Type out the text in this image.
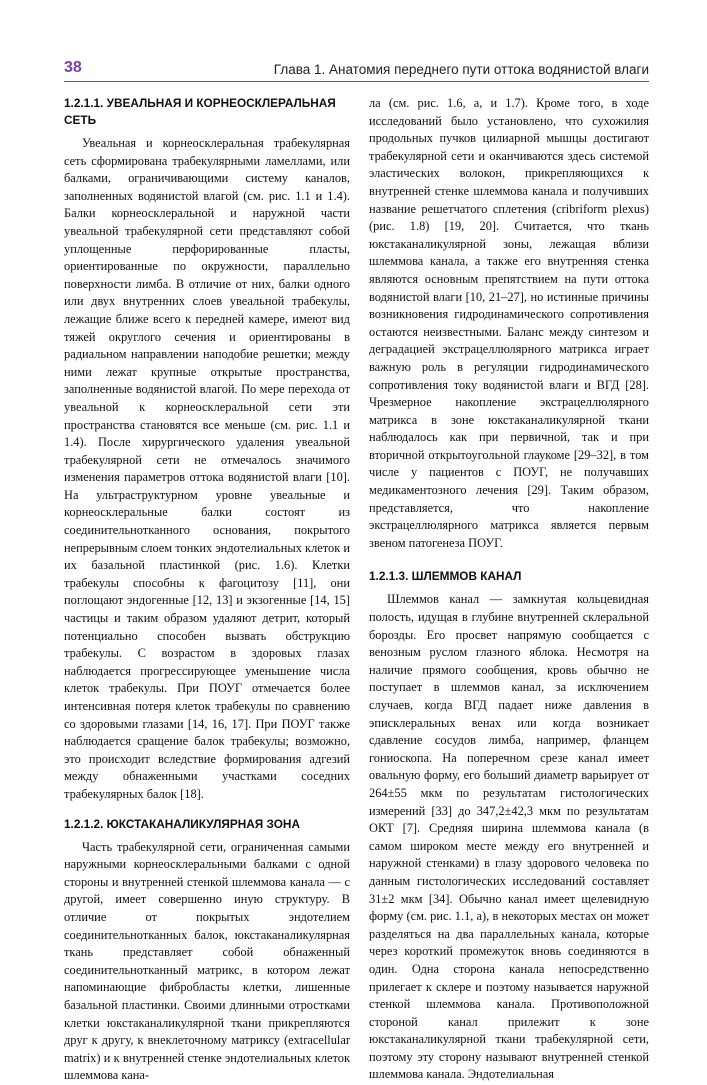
38	Глава 1. Анатомия переднего пути оттока водянистой влаги
1.2.1.1. УВЕАЛЬНАЯ И КОРНЕОСКЛЕРАЛЬНАЯ СЕТЬ

Увеальная и корнеосклеральная трабекулярная сеть сформирована трабекулярными ламеллами, или балками, ограничивающими систему каналов, заполненных водянистой влагой (см. рис. 1.1 и 1.4). Балки корнеосклеральной и наружной части увеальной трабекулярной сети представляют собой уплощенные перфорированные пласты, ориентированные по окружности, параллельно поверхности лимба. В отличие от них, балки одного или двух внутренних слоев увеальной трабекулы, лежащие ближе всего к передней камере, имеют вид тяжей округлого сечения и ориентированы в радиальном направлении наподобие решетки; между ними лежат крупные открытые пространства, заполненные водянистой влагой. По мере перехода от увеальной к корнеосклеральной сети эти пространства становятся все меньше (см. рис. 1.1 и 1.4). После хирургического удаления увеальной трабекулярной сети не отмечалось значимого изменения параметров оттока водянистой влаги [10]. На ультраструктурном уровне увеальные и корнеосклеральные балки состоят из соединительнотканного основания, покрытого непрерывным слоем тонких эндотелиальных клеток и их базальной пластинкой (рис. 1.6). Клетки трабекулы способны к фагоцитозу [11], они поглощают эндогенные [12, 13] и экзогенные [14, 15] частицы и таким образом удаляют детрит, который потенциально способен вызвать обструкцию трабекулы. С возрастом в здоровых глазах наблюдается прогрессирующее уменьшение числа клеток трабекулы. При ПОУГ отмечается более интенсивная потеря клеток трабекулы по сравнению со здоровыми глазами [14, 16, 17]. При ПОУГ также наблюдается сращение балок трабекулы; возможно, это происходит вследствие формирования адгезий между обнаженными участками соседних трабекулярных балок [18].

1.2.1.2. ЮКСТАКАНАЛИКУЛЯРНАЯ ЗОНА

Часть трабекулярной сети, ограниченная самыми наружными корнеосклеральными балками с одной стороны и внутренней стенкой шлеммова канала — с другой, имеет совершенно иную структуру. В отличие от покрытых эндотелием соединительнотканных балок, юкстаканаликулярная ткань представляет собой обнаженный соединительнотканный матрикс, в котором лежат напоминающие фибробласты клетки, лишенные базальной пластинки. Своими длинными отростками клетки юкстаканаликулярной ткани прикрепляются друг к другу, к внеклеточному матриксу (extracellular matrix) и к внутренней стенке эндотелиальных клеток шлеммова кана-

ла (см. рис. 1.6, а, и 1.7). Кроме того, в ходе исследований было установлено, что сухожилия продольных пучков цилиарной мышцы достигают трабекулярной сети и оканчиваются здесь системой эластических волокон, прикрепляющихся к внутренней стенке шлеммова канала и получивших название решетчатого сплетения (cribriform plexus) (рис. 1.8) [19, 20]. Считается, что ткань юкстаканаликулярной зоны, лежащая вблизи шлеммова канала, а также его внутренняя стенка являются основным препятствием на пути оттока водянистой влаги [10, 21–27], но истинные причины возникновения гидродинамического сопротивления остаются неизвестными. Баланс между синтезом и деградацией экстрацеллюлярного матрикса играет важную роль в регуляции гидродинамического сопротивления току водянистой влаги и ВГД [28]. Чрезмерное накопление экстрацеллюлярного матрикса в зоне юкстаканаликулярной ткани наблюдалось как при первичной, так и при вторичной открытоугольной глаукоме [29–32], в том числе у пациентов с ПОУГ, не получавших медикаментозного лечения [29]. Таким образом, представляется, что накопление экстрацеллюлярного матрикса является первым звеном патогенеза ПОУГ.

1.2.1.3. ШЛЕММОВ КАНАЛ

Шлеммов канал — замкнутая кольцевидная полость, идущая в глубине внутренней склеральной борозды. Его просвет напрямую сообщается с венозным руслом глазного яблока. Несмотря на наличие прямого сообщения, кровь обычно не поступает в шлеммов канал, за исключением случаев, когда ВГД падает ниже давления в эписклеральных венах или когда возникает сдавление сосудов лимба, например, фланцем гониоскопа. На поперечном срезе канал имеет овальную форму, его больший диаметр варьирует от 264±55 мкм по результатам гистологических измерений [33] до 347,2±42,3 мкм по результатам ОКТ [7]. Средняя ширина шлеммова канала (в самом широком месте между его внутренней и наружной стенками) в глазу здорового человека по данным гистологических исследований составляет 31±2 мкм [34]. Обычно канал имеет щелевидную форму (см. рис. 1.1, а), в некоторых местах он может разделяться на два параллельных канала, которые через короткий промежуток вновь соединяются в один. Одна сторона канала непосредственно прилегает к склере и поэтому называется наружной стенкой шлеммова канала. Противоположной стороной канал прилежит к зоне юкстаканаликулярной ткани трабекулярной сети, поэтому эту сторону называют внутренней стенкой шлеммова канала. Эндотелиальная
